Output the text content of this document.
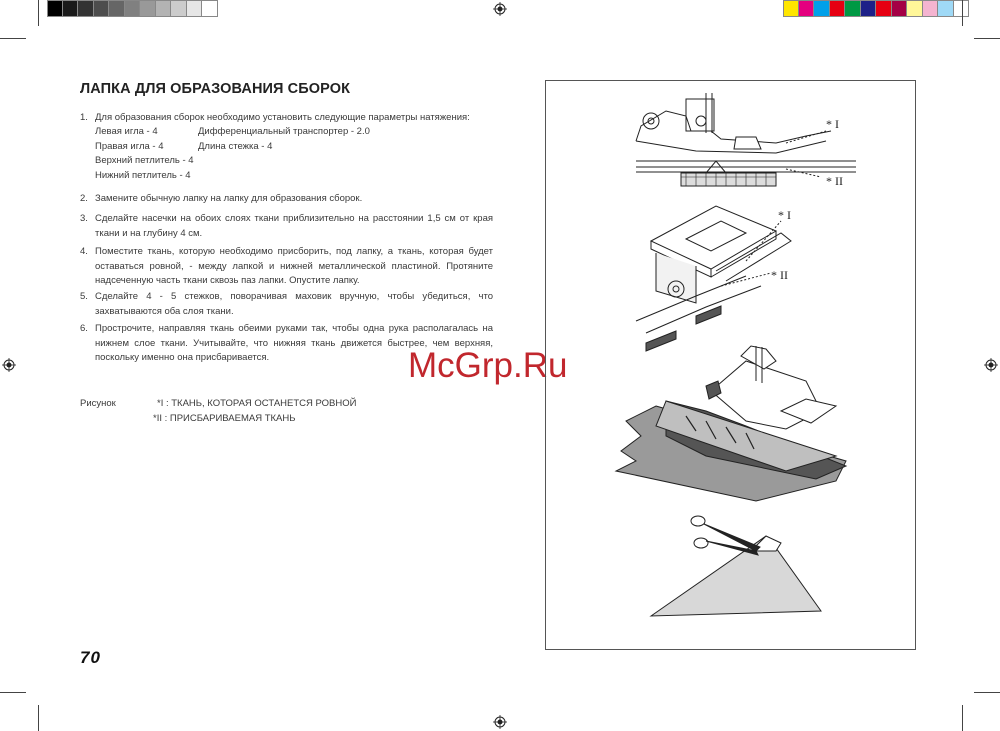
ЛАПКА ДЛЯ ОБРАЗОВАНИЯ СБОРОК
1. Для образования сборок необходимо установить следующие параметры натяжения:
Левая игла - 4	Дифференциальный транспортер - 2.0
Правая игла - 4	Длина стежка - 4
Верхний петлитель - 4
Нижний петлитель - 4
2. Замените обычную лапку на лапку для образования сборок.
3. Сделайте насечки на обоих слоях ткани приблизительно на расстоянии 1,5 см от края ткани и на глубину 4 см.
4. Поместите ткань, которую необходимо присборить, под лапку, а ткань, которая будет оставаться ровной, - между лапкой и нижней металлической пластиной. Протяните надсеченную часть ткани сквозь паз лапки. Опустите лапку.
5. Сделайте 4 - 5 стежков, поворачивая маховик вручную, чтобы убедиться, что захватываются оба слоя ткани.
6. Прострочите, направляя ткань обеими руками так, чтобы одна рука располагалась на нижнем слое ткани. Учитывайте, что нижняя ткань движется быстрее, чем верхняя, поскольку именно она присбаривается.
Рисунок	*I : ТКАНЬ, КОТОРАЯ ОСТАНЕТСЯ РОВНОЙ
*II : ПРИСБАРИВАЕМАЯ ТКАНЬ
McGrp.Ru
70
* I
* II
* I
* II
